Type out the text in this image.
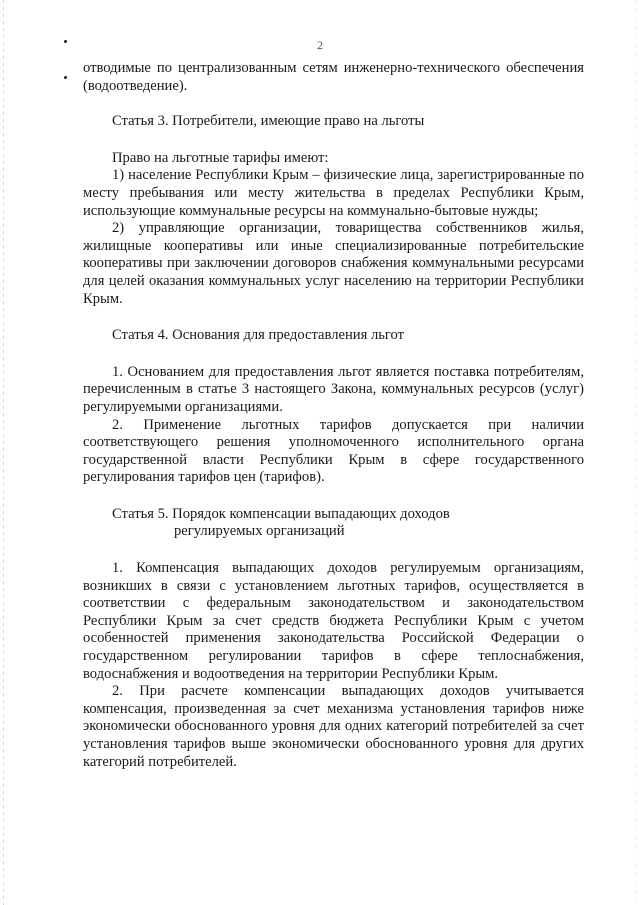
2

отводимые по централизованным сетям инженерно-технического обеспечения (водоотведение).

Статья 3. Потребители, имеющие право на льготы

Право на льготные тарифы имеют:

1) население Республики Крым – физические лица, зарегистрированные по месту пребывания или месту жительства в пределах Республики Крым, использующие коммунальные ресурсы на коммунально-бытовые нужды;

2) управляющие организации, товарищества собственников жилья, жилищные кооперативы или иные специализированные потребительские кооперативы при заключении договоров снабжения коммунальными ресурсами для целей оказания коммунальных услуг населению на территории Республики Крым.

Статья 4. Основания для предоставления льгот

1. Основанием для предоставления льгот является поставка потребителям, перечисленным в статье 3 настоящего Закона, коммунальных ресурсов (услуг) регулируемыми организациями.

2. Применение льготных тарифов допускается при наличии соответствующего решения уполномоченного исполнительного органа государственной власти Республики Крым в сфере государственного регулирования тарифов цен (тарифов).

Статья 5. Порядок компенсации выпадающих доходов
регулируемых организаций

1. Компенсация выпадающих доходов регулируемым организациям, возникших в связи с установлением льготных тарифов, осуществляется в соответствии с федеральным законодательством и законодательством Республики Крым за счет средств бюджета Республики Крым с учетом особенностей применения законодательства Российской Федерации о государственном регулировании тарифов в сфере теплоснабжения, водоснабжения и водоотведения на территории Республики Крым.

2. При расчете компенсации выпадающих доходов учитывается компенсация, произведенная за счет механизма установления тарифов ниже экономически обоснованного уровня для одних категорий потребителей за счет установления тарифов выше экономически обоснованного уровня для других категорий потребителей.
